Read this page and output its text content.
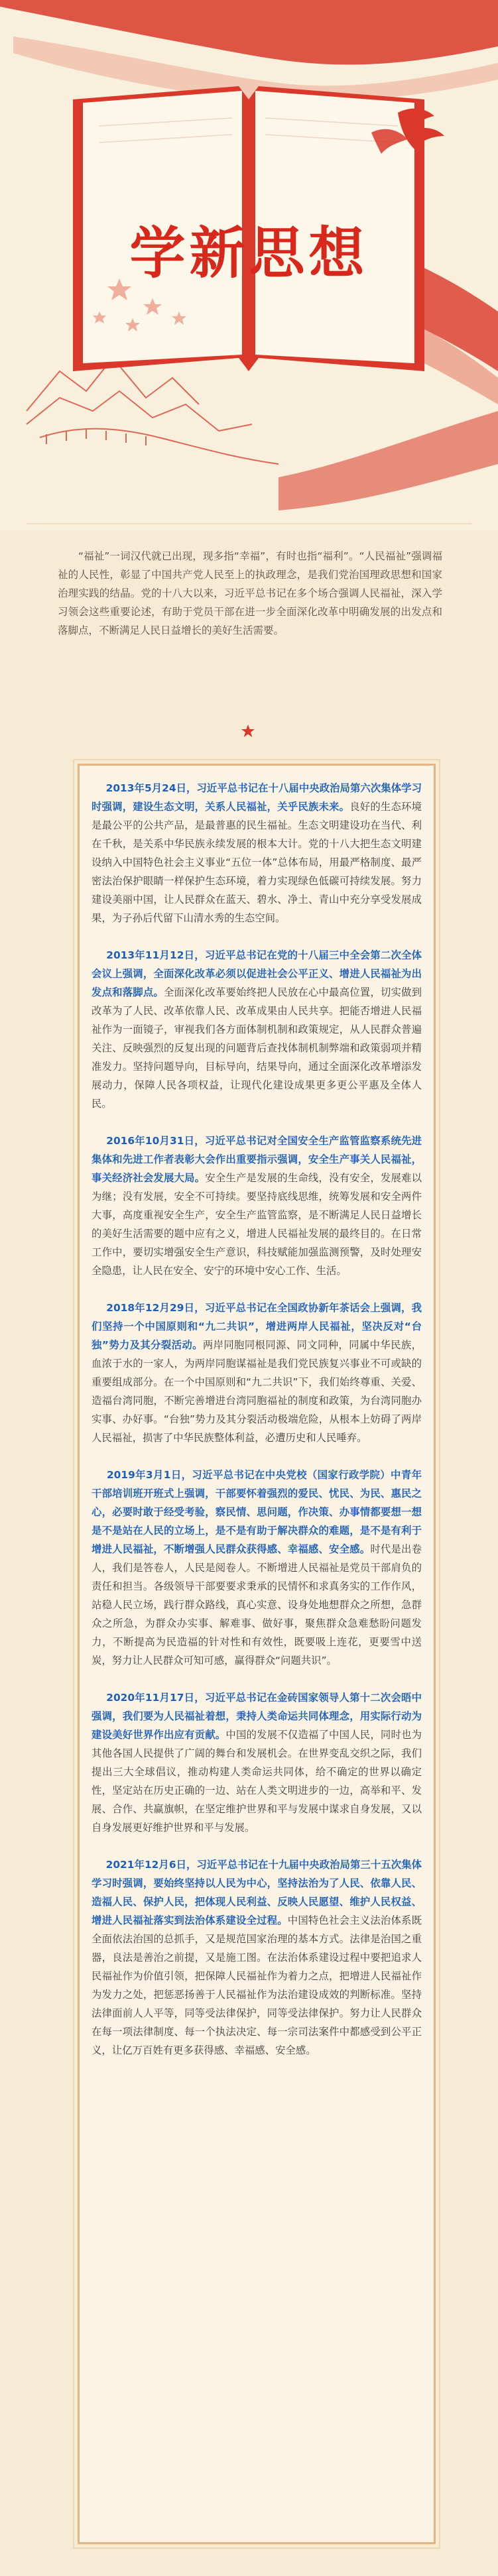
学新思想
“福祉”一词汉代就已出现，现多指“幸福”，有时也指“福利”。“人民福祉”强调福祉的人民性，彰显了中国共产党人民至上的执政理念，是我们党治国理政思想和国家治理实践的结晶。党的十八大以来，习近平总书记在多个场合强调人民福祉，深入学习领会这些重要论述，有助于党员干部在进一步全面深化改革中明确发展的出发点和落脚点，不断满足人民日益增长的美好生活需要。
2013年5月24日，习近平总书记在十八届中央政治局第六次集体学习时强调，建设生态文明，关系人民福祉，关乎民族未来。良好的生态环境是最公平的公共产品，是最普惠的民生福祉。生态文明建设功在当代、利在千秋，是关系中华民族永续发展的根本大计。党的十八大把生态文明建设纳入中国特色社会主义事业“五位一体”总体布局，用最严格制度、最严密法治保护眼睛一样保护生态环境，着力实现绿色低碳可持续发展。努力建设美丽中国，让人民群众在蓝天、碧水、净土、青山中充分享受发展成果，为子孙后代留下山清水秀的生态空间。
2013年11月12日，习近平总书记在党的十八届三中全会第二次全体会议上强调，全面深化改革必须以促进社会公平正义、增进人民福祉为出发点和落脚点。全面深化改革要始终把人民放在心中最高位置，切实做到改革为了人民、改革依靠人民、改革成果由人民共享。把能否增进人民福祉作为一面镜子，审视我们各方面体制机制和政策规定，从人民群众普遍关注、反映强烈的反复出现的问题背后查找体制机制弊端和政策弱项并精准发力。坚持问题导向，目标导向，结果导向，通过全面深化改革增添发展动力，保障人民各项权益，让现代化建设成果更多更公平惠及全体人民。
2016年10月31日，习近平总书记对全国安全生产监管监察系统先进集体和先进工作者表彰大会作出重要指示强调，安全生产事关人民福祉，事关经济社会发展大局。安全生产是发展的生命线，没有安全，发展难以为继；没有发展，安全不可持续。要坚持底线思维，统筹发展和安全两件大事，高度重视安全生产，安全生产监管监察，是不断满足人民日益增长的美好生活需要的题中应有之义，增进人民福祉发展的最终目的。在日常工作中，要切实增强安全生产意识，科技赋能加强监测预警，及时处理安全隐患，让人民在安全、安宁的环境中安心工作、生活。
2018年12月29日，习近平总书记在全国政协新年茶话会上强调，我们坚持一个中国原则和“九二共识”，增进两岸人民福祉，坚决反对“台独”势力及其分裂活动。两岸同胞同根同源、同文同种，同属中华民族，血浓于水的一家人，为两岸同胞谋福祉是我们党民族复兴事业不可或缺的重要组成部分。在一个中国原则和“九二共识”下，我们始终尊重、关爱、造福台湾同胞，不断完善增进台湾同胞福祉的制度和政策，为台湾同胞办实事、办好事。“台独”势力及其分裂活动极端危险，从根本上妨碍了两岸人民福祉，损害了中华民族整体利益，必遭历史和人民唾弃。
2019年3月1日，习近平总书记在中央党校（国家行政学院）中青年干部培训班开班式上强调，干部要怀着强烈的爱民、忧民、为民、惠民之心，必要时敢于经受考验，察民情、思问题，作决策、办事情都要想一想是不是站在人民的立场上，是不是有助于解决群众的难题，是不是有利于增进人民福祉，不断增强人民群众获得感、幸福感、安全感。时代是出卷人，我们是答卷人，人民是阅卷人。不断增进人民福祉是党员干部肩负的责任和担当。各级领导干部要要求秉承的民情怀和求真务实的工作作风，站稳人民立场，践行群众路线，真心实意、设身处地想群众之所想，急群众之所急，为群众办实事、解难事、做好事，聚焦群众急难愁盼问题发力，不断提高为民造福的针对性和有效性，既要吸上连花，更要雪中送炭，努力让人民群众可知可感，赢得群众“问题共识”。
2020年11月17日，习近平总书记在金砖国家领导人第十二次会晤中强调，我们要为人民福祉着想，秉持人类命运共同体理念，用实际行动为建设美好世界作出应有贡献。中国的发展不仅造福了中国人民，同时也为其他各国人民提供了广阔的舞台和发展机会。在世界变乱交织之际，我们提出三大全球倡议，推动构建人类命运共同体，给不确定的世界以确定性，坚定站在历史正确的一边、站在人类文明进步的一边，高举和平、发展、合作、共赢旗帜，在坚定维护世界和平与发展中谋求自身发展，又以自身发展更好维护世界和平与发展。
2021年12月6日，习近平总书记在十九届中央政治局第三十五次集体学习时强调，要始终坚持以人民为中心，坚持法治为了人民、依靠人民、造福人民、保护人民，把体现人民利益、反映人民愿望、维护人民权益、增进人民福祉落实到法治体系建设全过程。中国特色社会主义法治体系既全面依法治国的总抓手，又是规范国家治理的基本方式。法律是治国之重器，良法是善治之前提，又是施工图。在法治体系建设过程中要把追求人民福祉作为价值引领，把保障人民福祉作为着力之点，把增进人民福祉作为发力之处，把惩恶扬善于人民福祉作为法治建设成效的判断标准。坚持法律面前人人平等，同等受法律保护，同等受法律保护。努力让人民群众在每一项法律制度、每一个执法决定、每一宗司法案件中都感受到公平正义，让亿万百姓有更多获得感、幸福感、安全感。
